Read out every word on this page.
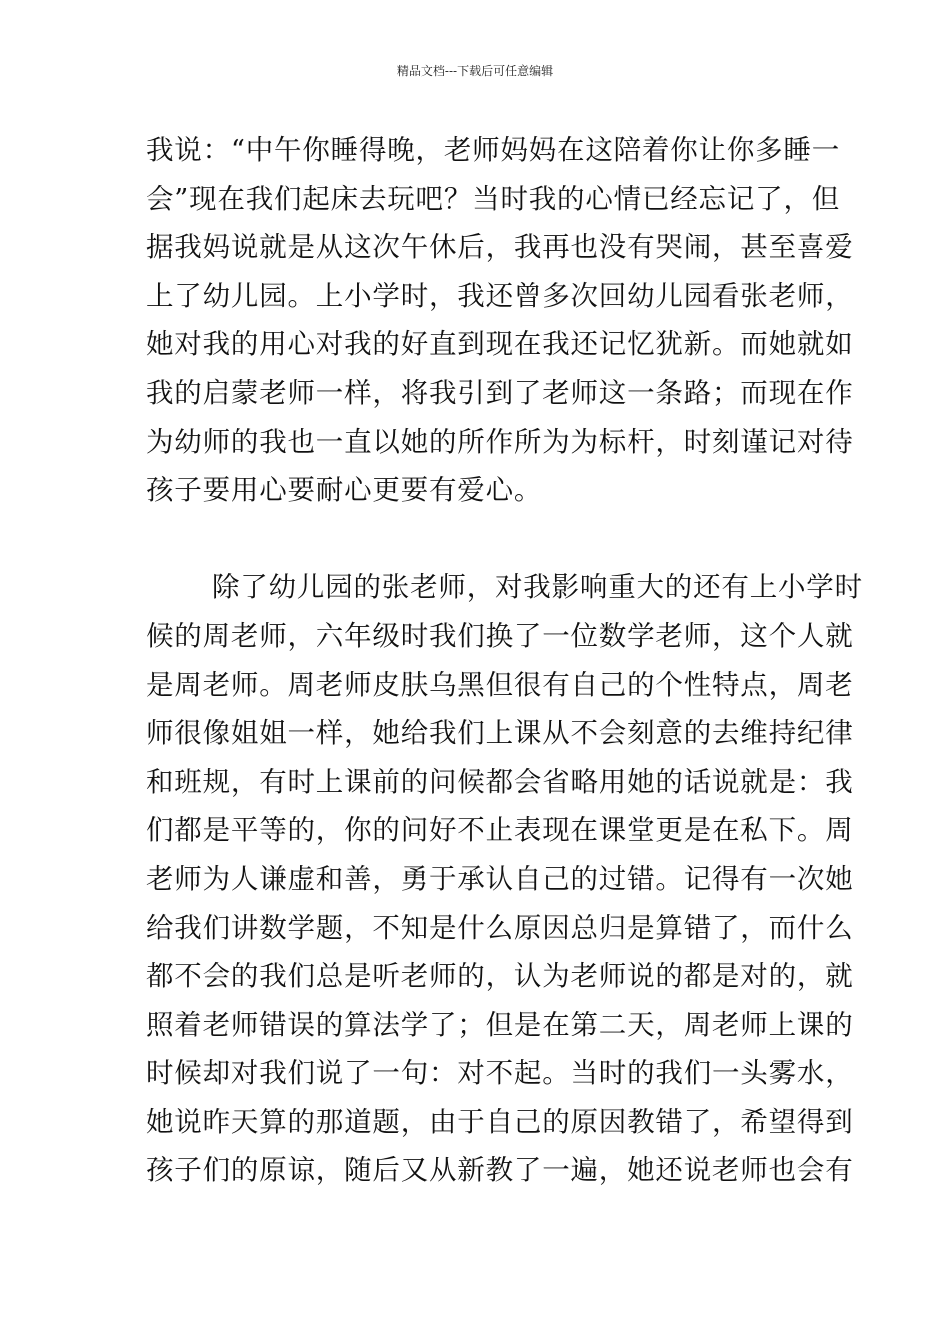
精品文档---下载后可任意编辑
我说：“中午你睡得晚，老师妈妈在这陪着你让你多睡一
会”现在我们起床去玩吧？当时我的心情已经忘记了，但
据我妈说就是从这次午休后，我再也没有哭闹，甚至喜爱
上了幼儿园。上小学时，我还曾多次回幼儿园看张老师，
她对我的用心对我的好直到现在我还记忆犹新。而她就如
我的启蒙老师一样，将我引到了老师这一条路；而现在作
为幼师的我也一直以她的所作所为为标杆，时刻谨记对待
孩子要用心要耐心更要有爱心。
除了幼儿园的张老师，对我影响重大的还有上小学时
候的周老师，六年级时我们换了一位数学老师，这个人就
是周老师。周老师皮肤乌黑但很有自己的个性特点，周老
师很像姐姐一样，她给我们上课从不会刻意的去维持纪律
和班规，有时上课前的问候都会省略用她的话说就是：我
们都是平等的，你的问好不止表现在课堂更是在私下。周
老师为人谦虚和善，勇于承认自己的过错。记得有一次她
给我们讲数学题，不知是什么原因总归是算错了，而什么
都不会的我们总是听老师的，认为老师说的都是对的，就
照着老师错误的算法学了；但是在第二天，周老师上课的
时候却对我们说了一句：对不起。当时的我们一头雾水，
她说昨天算的那道题，由于自己的原因教错了，希望得到
孩子们的原谅，随后又从新教了一遍，她还说老师也会有
